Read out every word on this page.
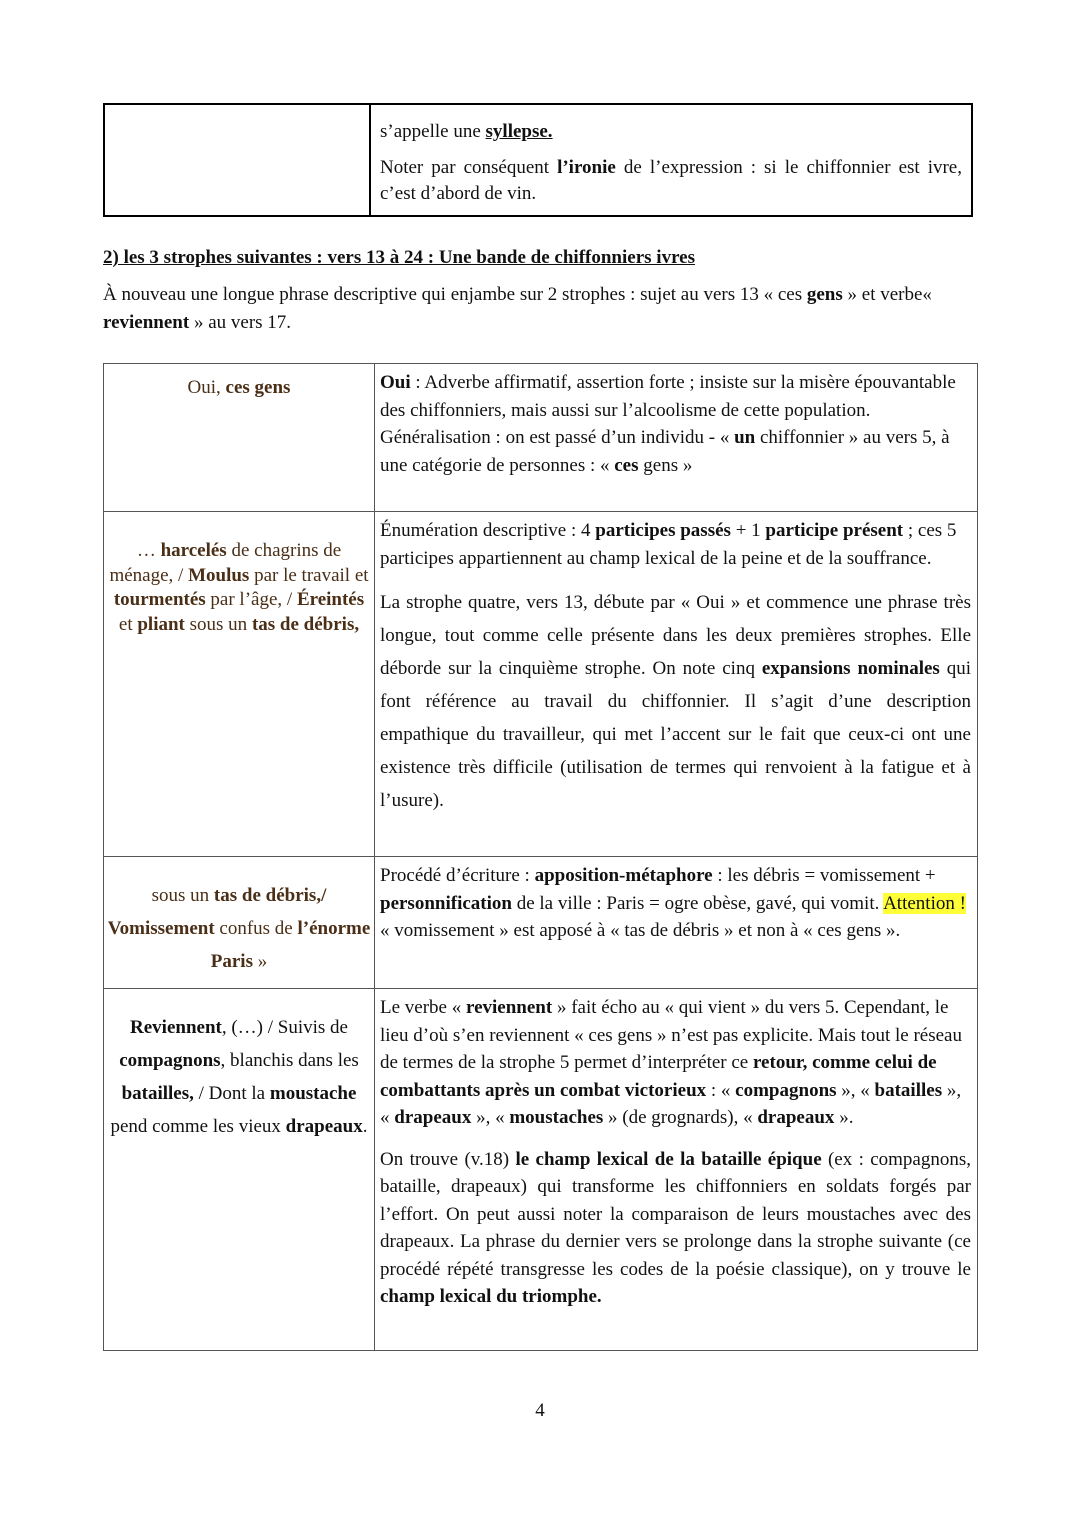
s’appelle une syllepse.

Noter par conséquent l’ironie de l’expression : si le chiffonnier est ivre, c’est d’abord de vin.

2) les 3 strophes suivantes : vers 13 à 24 : Une bande de chiffonniers ivres

À nouveau une longue phrase descriptive qui enjambe sur 2 strophes : sujet au vers 13 « ces gens » et verbe« reviennent » au vers 17.

Oui, ces gens	Oui : Adverbe affirmatif, assertion forte ; insiste sur la misère épouvantable des chiffonniers, mais aussi sur l’alcoolisme de cette population.

Généralisation : on est passé d’un individu - « un chiffonnier » au vers 5, à une catégorie de personnes : « ces gens »

… harcelés de chagrins de ménage, / Moulus par le travail et tourmentés par l’âge, / Éreintés et pliant sous un tas de débris,	Énumération descriptive : 4 participes passés + 1 participe présent ; ces 5 participes appartiennent au champ lexical de la peine et de la souffrance.

La strophe quatre, vers 13, débute par « Oui » et commence une phrase très longue, tout comme celle présente dans les deux premières strophes. Elle déborde sur la cinquième strophe. On note cinq expansions nominales qui font référence au travail du chiffonnier. Il s’agit d’une description empathique du travailleur, qui met l’accent sur le fait que ceux-ci ont une existence très difficile (utilisation de termes qui renvoient à la fatigue et à l’usure).

sous un tas de débris,/ Vomissement confus de l’énorme Paris »	Procédé d’écriture : apposition-métaphore : les débris = vomissement + personnification de la ville : Paris = ogre obèse, gavé, qui vomit. Attention ! « vomissement » est apposé à « tas de débris » et non à « ces gens ».

Reviennent, (…) / Suivis de compagnons, blanchis dans les batailles, / Dont la moustache pend comme les vieux drapeaux.	Le verbe « reviennent » fait écho au « qui vient » du vers 5. Cependant, le lieu d’où s’en reviennent « ces gens » n’est pas explicite. Mais tout le réseau de termes de la strophe 5 permet d’interpréter ce retour, comme celui de combattants après un combat victorieux : « compagnons », « batailles », « drapeaux », « moustaches » (de grognards), « drapeaux ».

On trouve (v.18) le champ lexical de la bataille épique (ex : compagnons, bataille, drapeaux) qui transforme les chiffonniers en soldats forgés par l’effort. On peut aussi noter la comparaison de leurs moustaches avec des drapeaux. La phrase du dernier vers se prolonge dans la strophe suivante (ce procédé répété transgresse les codes de la poésie classique), on y trouve le champ lexical du triomphe.

4
